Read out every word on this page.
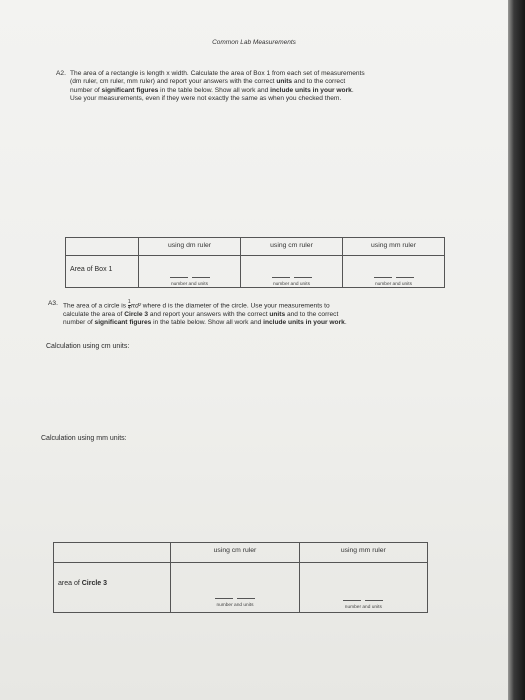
Common Lab Measurements
A2. The area of a rectangle is length x width. Calculate the area of Box 1 from each set of measurements
(dm ruler, cm ruler, mm ruler) and report your answers with the correct units and to the correct
number of significant figures in the table below. Show all work and include units in your work.
Use your measurements, even if they were not exactly the same as when you checked them.
	using dm ruler	using cm ruler	using mm ruler
Area of Box 1	number and units	number and units	number and units
A3. The area of a circle is $\frac{1}{4} \pi d^2$ where d is the diameter of the circle. Use your measurements to
calculate the area of Circle 3 and report your answers with the correct units and to the correct
number of significant figures in the table below. Show all work and include units in your work.
Calculation using cm units:
Calculation using mm units:
	using cm ruler	using mm ruler
area of Circle 3	number and units	number and units
